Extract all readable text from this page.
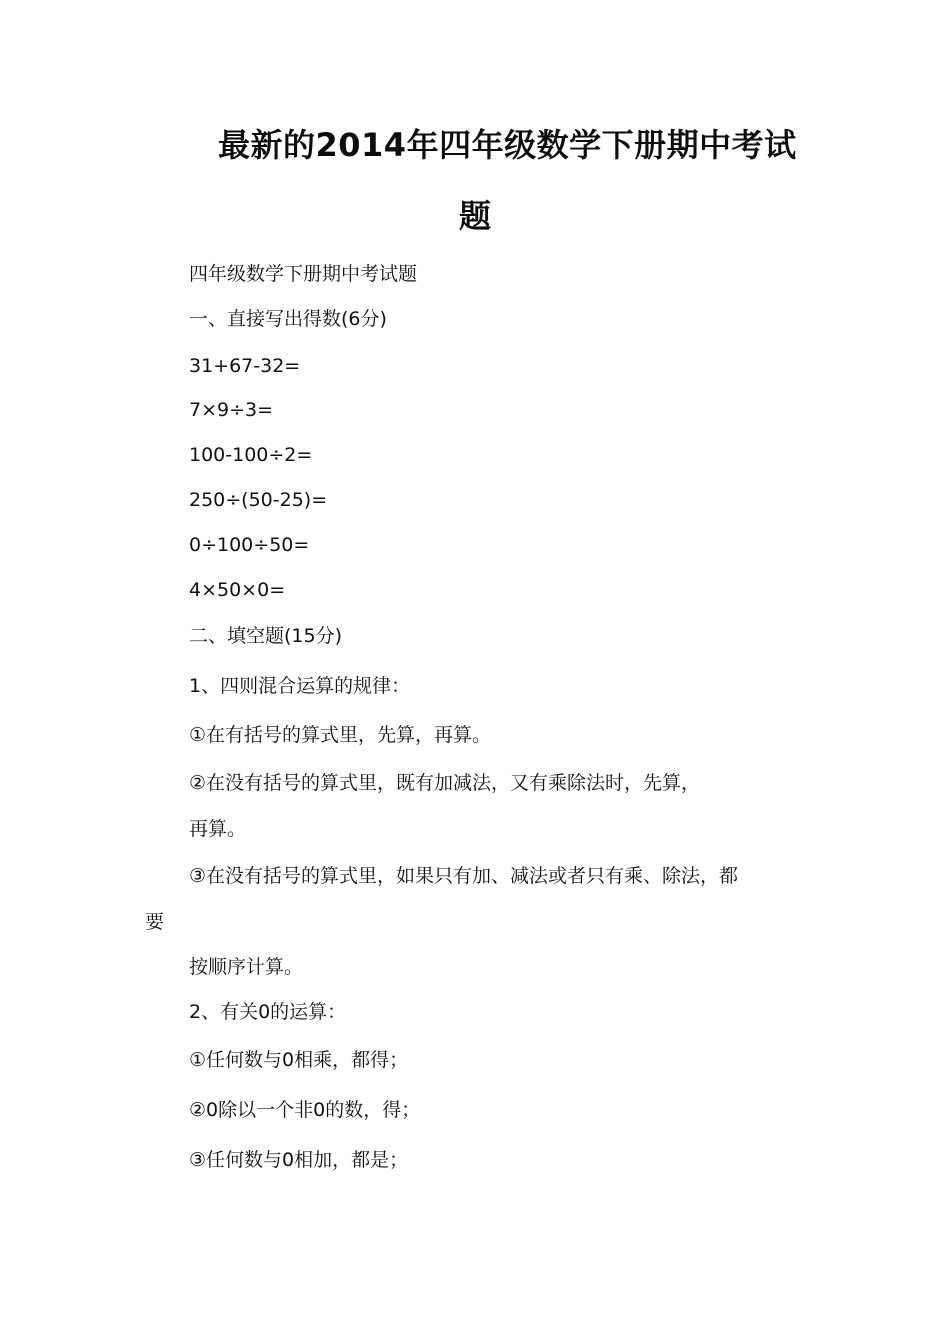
最新的2014年四年级数学下册期中考试
题
四年级数学下册期中考试题
一、直接写出得数(6分)
31+67-32=
7×9÷3=
100-100÷2=
250÷(50-25)=
0÷100÷50=
4×50×0=
二、填空题(15分)
1、四则混合运算的规律：
①在有括号的算式里，先算，再算。
②在没有括号的算式里，既有加减法，又有乘除法时，先算，
再算。
③在没有括号的算式里，如果只有加、减法或者只有乘、除法，都
要
按顺序计算。
2、有关0的运算：
①任何数与0相乘，都得；
②0除以一个非0的数，得；
③任何数与0相加，都是；
